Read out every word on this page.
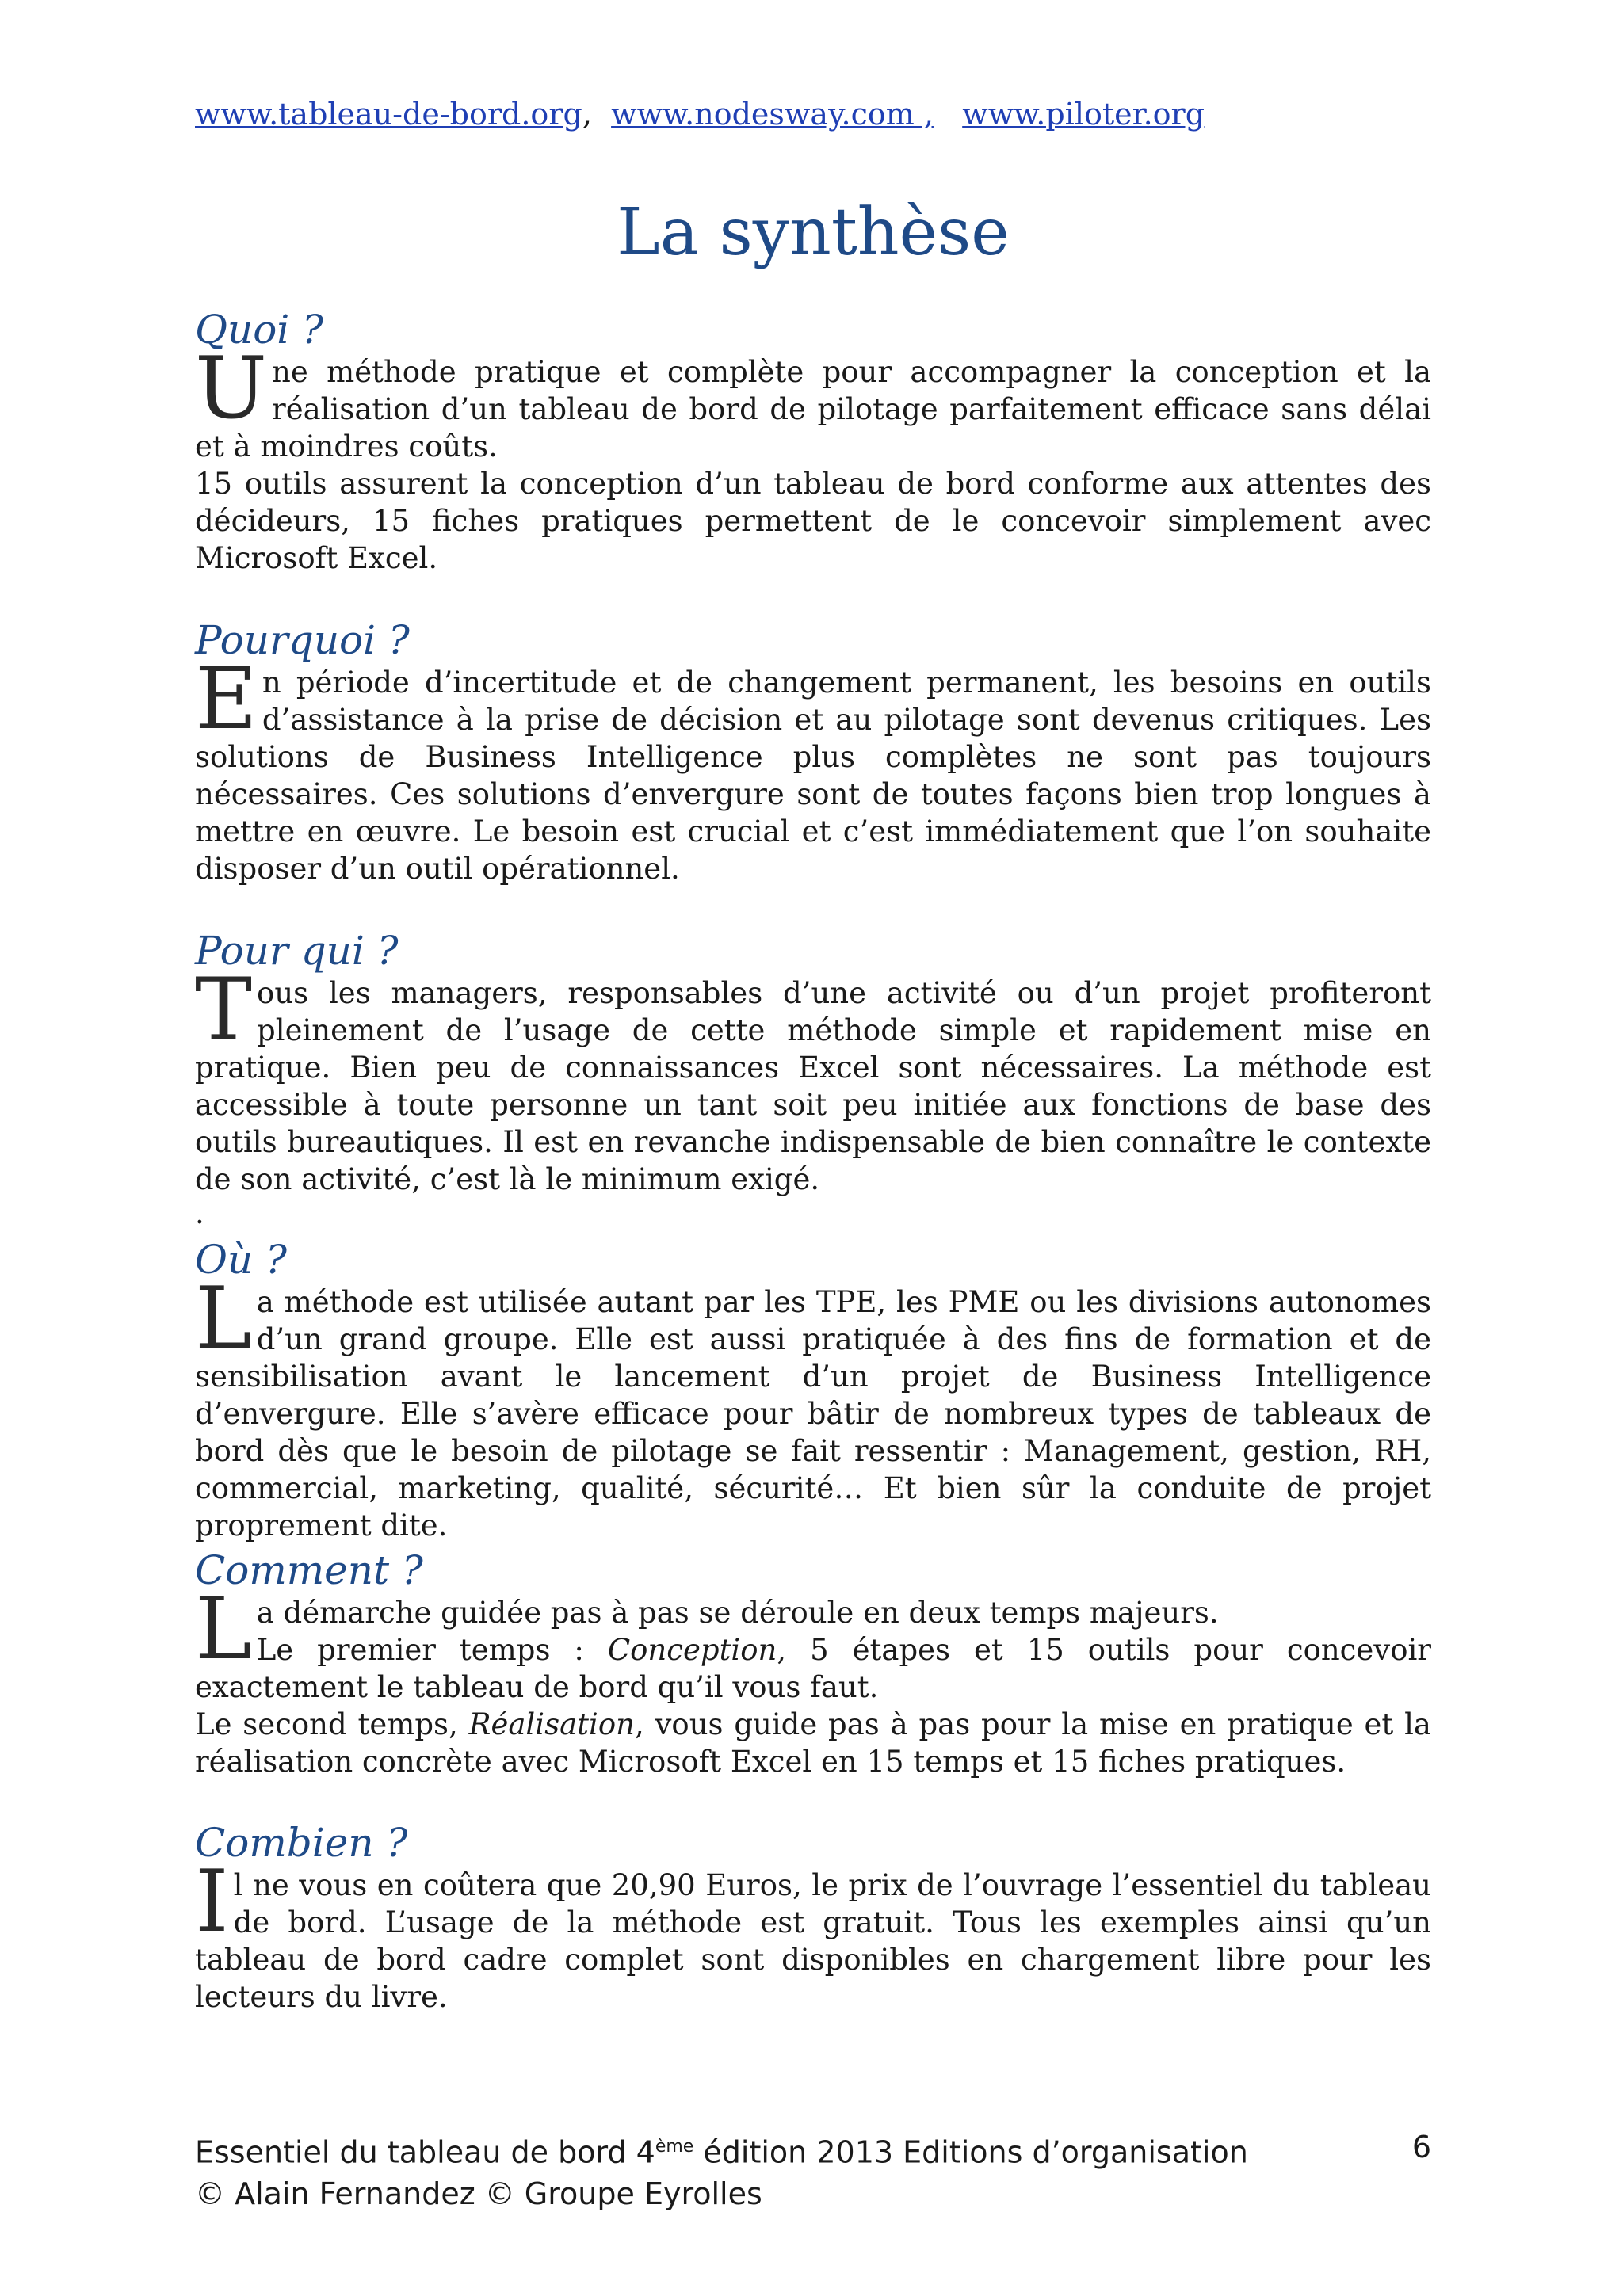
www.tableau-de-bord.org, www.nodesway.com , www.piloter.org
La synthèse
Quoi ?

Une méthode pratique et complète pour accompagner la conception et la réalisation d’un tableau de bord de pilotage parfaitement efficace sans délai et à moindres coûts.

15 outils assurent la conception d’un tableau de bord conforme aux attentes des décideurs, 15 fiches pratiques permettent de le concevoir simplement avec Microsoft Excel.

Pourquoi ?

En période d’incertitude et de changement permanent, les besoins en outils d’assistance à la prise de décision et au pilotage sont devenus critiques. Les solutions de Business Intelligence plus complètes ne sont pas toujours nécessaires. Ces solutions d’envergure sont de toutes façons bien trop longues à mettre en œuvre. Le besoin est crucial et c’est immédiatement que l’on souhaite disposer d’un outil opérationnel.

Pour qui ?

Tous les managers, responsables d’une activité ou d’un projet profiteront pleinement de l’usage de cette méthode simple et rapidement mise en pratique. Bien peu de connaissances Excel sont nécessaires. La méthode est accessible à toute personne un tant soit peu initiée aux fonctions de base des outils bureautiques. Il est en revanche indispensable de bien connaître le contexte de son activité, c’est là le minimum exigé.

.
Où ?

La méthode est utilisée autant par les TPE, les PME ou les divisions autonomes d’un grand groupe. Elle est aussi pratiquée à des fins de formation et de sensibilisation avant le lancement d’un projet de Business Intelligence d’envergure. Elle s’avère efficace pour bâtir de nombreux types de tableaux de bord dès que le besoin de pilotage se fait ressentir : Management, gestion, RH, commercial, marketing, qualité, sécurité… Et bien sûr la conduite de projet proprement dite.

Comment ?

La démarche guidée pas à pas se déroule en deux temps majeurs.
Le premier temps : Conception, 5 étapes et 15 outils pour concevoir exactement le tableau de bord qu’il vous faut.

Le second temps, Réalisation, vous guide pas à pas pour la mise en pratique et la réalisation concrète avec Microsoft Excel en 15 temps et 15 fiches pratiques.

Combien ?

Il ne vous en coûtera que 20,90 Euros, le prix de l’ouvrage l’essentiel du tableau de bord. L’usage de la méthode est gratuit. Tous les exemples ainsi qu’un tableau de bord cadre complet sont disponibles en chargement libre pour les lecteurs du livre.

Essentiel du tableau de bord 4ème édition 2013 Editions d’organisation
© Alain Fernandez © Groupe Eyrolles
6
